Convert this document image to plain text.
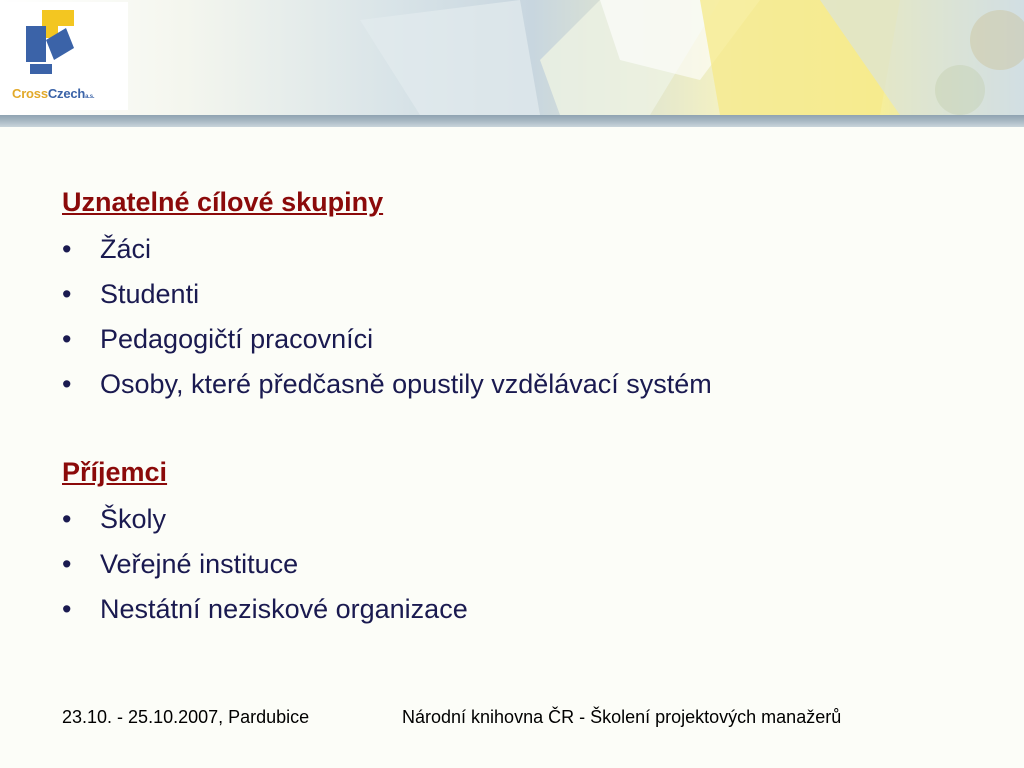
CrossCzecha.s.
Uznatelné cílové skupiny
• Žáci
• Studenti
• Pedagogičtí pracovníci
• Osoby, které předčasně opustily vzdělávací systém
Příjemci
• Školy
• Veřejné instituce
• Nestátní neziskové organizace
23.10. - 25.10.2007, Pardubice	Národní knihovna ČR - Školení projektových manažerů
